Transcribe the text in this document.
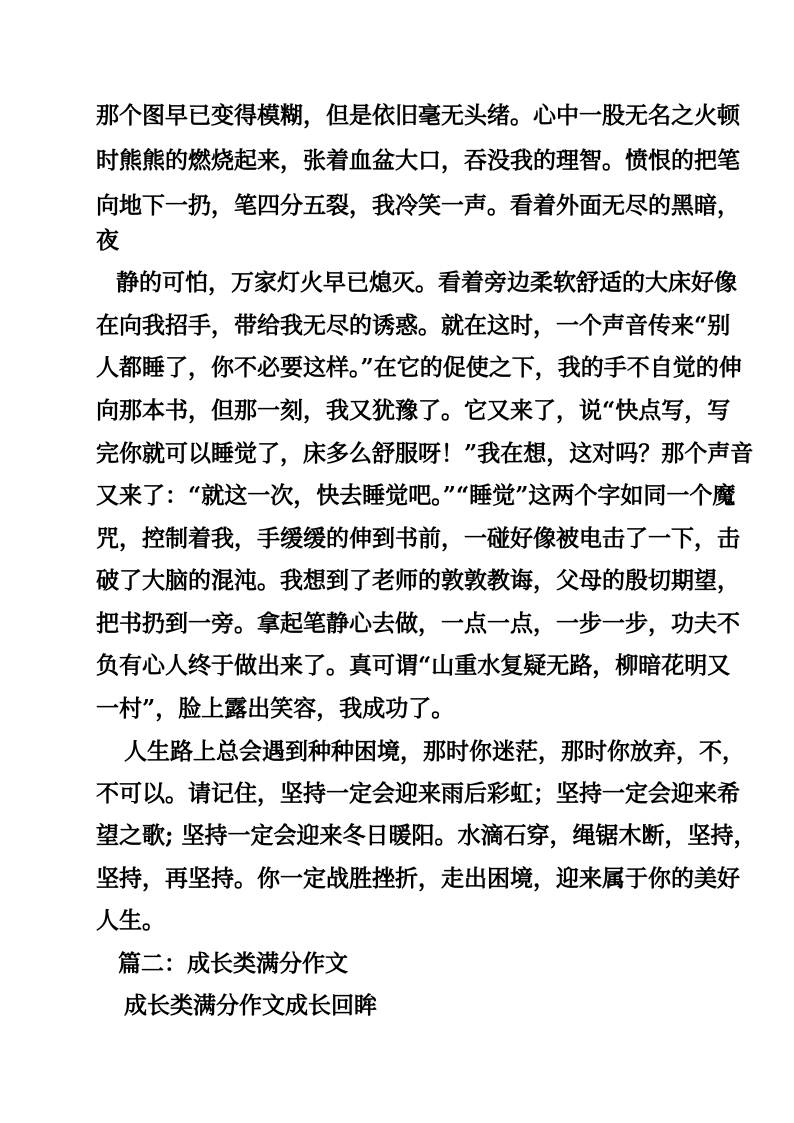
那个图早已变得模糊，但是依旧毫无头绪。心中一股无名之火顿
时熊熊的燃烧起来，张着血盆大口，吞没我的理智。愤恨的把笔
向地下一扔，笔四分五裂，我冷笑一声。看着外面无尽的黑暗，
夜
静的可怕，万家灯火早已熄灭。看着旁边柔软舒适的大床好像
在向我招手，带给我无尽的诱惑。就在这时，一个声音传来“别
人都睡了，你不必要这样。”在它的促使之下，我的手不自觉的伸
向那本书，但那一刻，我又犹豫了。它又来了，说“快点写，写
完你就可以睡觉了，床多么舒服呀！”我在想，这对吗？那个声音
又来了：“就这一次，快去睡觉吧。”“睡觉”这两个字如同一个魔
咒，控制着我，手缓缓的伸到书前，一碰好像被电击了一下，击
破了大脑的混沌。我想到了老师的敦敦教诲，父母的殷切期望，
把书扔到一旁。拿起笔静心去做，一点一点，一步一步，功夫不
负有心人终于做出来了。真可谓“山重水复疑无路，柳暗花明又
一村”，脸上露出笑容，我成功了。
人生路上总会遇到种种困境，那时你迷茫，那时你放弃，不，
不可以。请记住，坚持一定会迎来雨后彩虹；坚持一定会迎来希
望之歌; 坚持一定会迎来冬日暖阳。水滴石穿，绳锯木断，坚持，
坚持，再坚持。你一定战胜挫折，走出困境，迎来属于你的美好
人生。
篇二：成长类满分作文
成长类满分作文成长回眸
